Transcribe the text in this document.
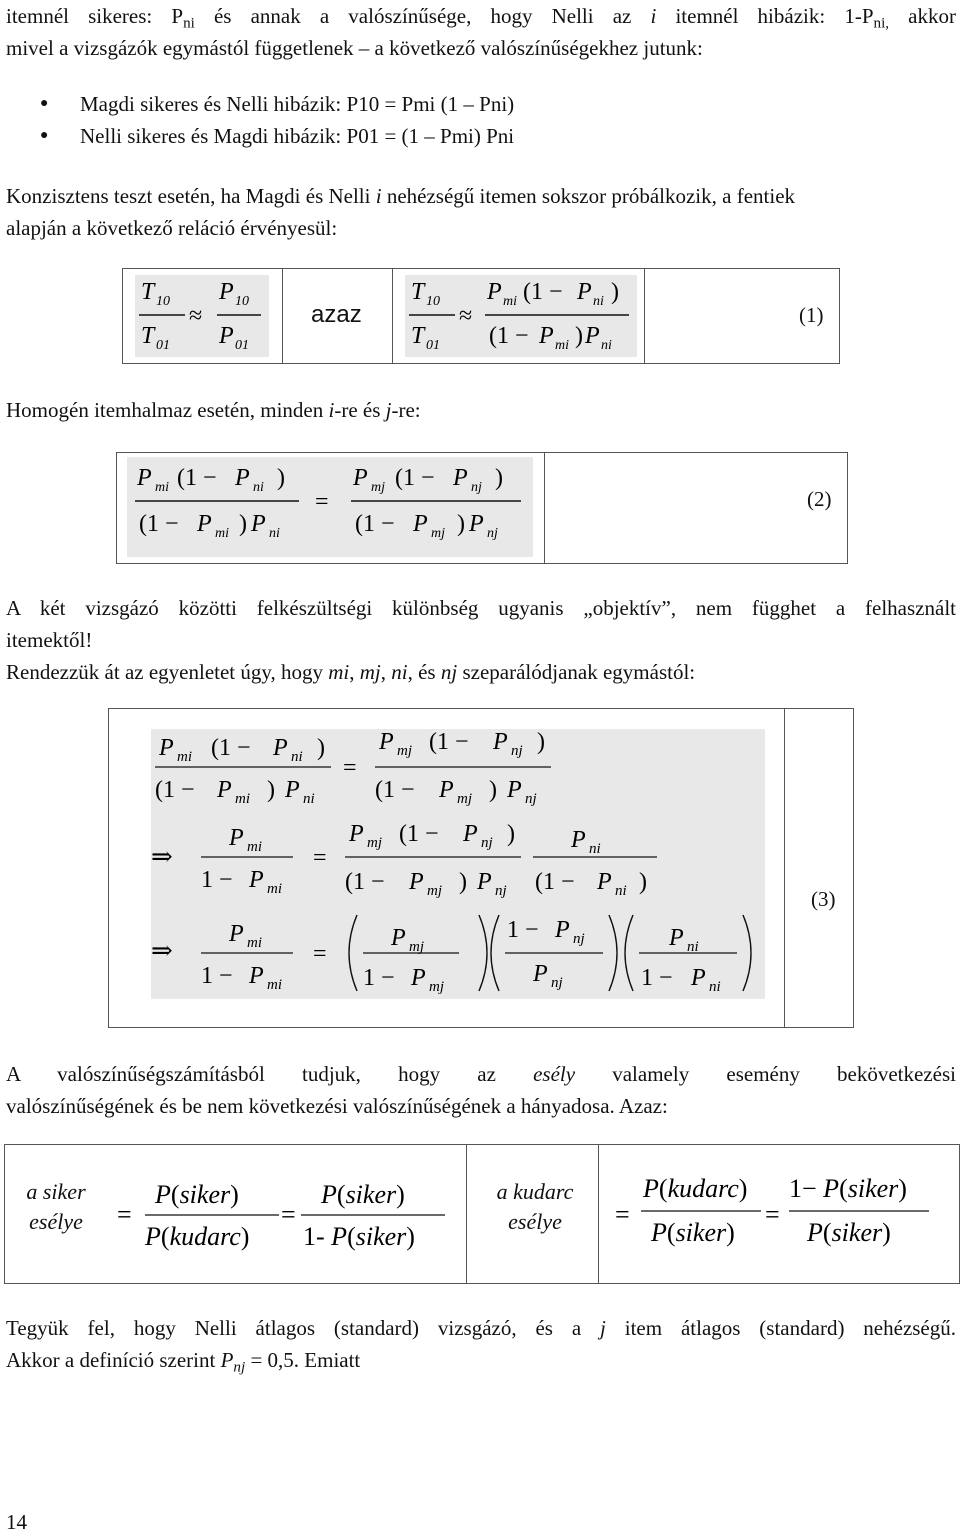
itemnél sikeres: $P_{ni}$ és annak a valószínűsége, hogy Nelli az i itemnél hibázik: $1-P_{ni,}$ akkor
mivel a vizsgázók egymástól függetlenek – a következő valószínűségekhez jutunk:
● Magdi sikeres és Nelli hibázik: P10 = Pmi (1 – Pni)
● Nelli sikeres és Magdi hibázik: P01 = (1 – Pmi) Pni
Konzisztens teszt esetén, ha Magdi és Nelli i nehézségű itemen sokszor próbálkozik, a fentiek
alapján a következő reláció érvényesül:
T 10
T 01
≈
P 10
P 01
T 10
T 01
≈
P mi (1 − P ni )
(1 − P mi ) P ni
azaz	(1)
Homogén itemhalmaz esetén, minden i-re és j-re:
P mi (1 − P ni )
(1 − P mi ) P ni
=
P mj (1 − P nj )
(1 − P mj ) P nj
(2)
A két vizsgázó közötti felkészültségi különbség ugyanis „objektív”, nem függhet a felhasznált
itemektől!
Rendezzük át az egyenletet úgy, hogy mi, mj, ni, és nj szeparálódjanak egymástól:
P mi (1 − P ni )
(1 − P mi ) P ni
=
P mj (1 − P nj )
(1 − P mj ) P nj
⇒
P mi
1 − P mi
=
P mj (1 − P nj )
(1 − P mj ) P nj
P ni
(1 − P ni )
⇒
P mi
1 − P mi
=
P mj
1 − P mj
1 − P nj
P nj
P ni
1 − P ni
(3)
A valószínűségszámításból tudjuk, hogy az esély valamely esemény bekövetkezési
valószínűségének és be nem következési valószínűségének a hányadosa. Azaz:
a siker
esélye
a kudarc
esélye
=
P(siker)
P(kudarc)
=
P(siker)
1- P(siker)
=
P(kudarc)
P(siker)
=
1− P(siker)
P(siker)
Tegyük fel, hogy Nelli átlagos (standard) vizsgázó, és a j item átlagos (standard) nehézségű.
Akkor a definíció szerint $P_{nj} = 0,5$. Emiatt
14
